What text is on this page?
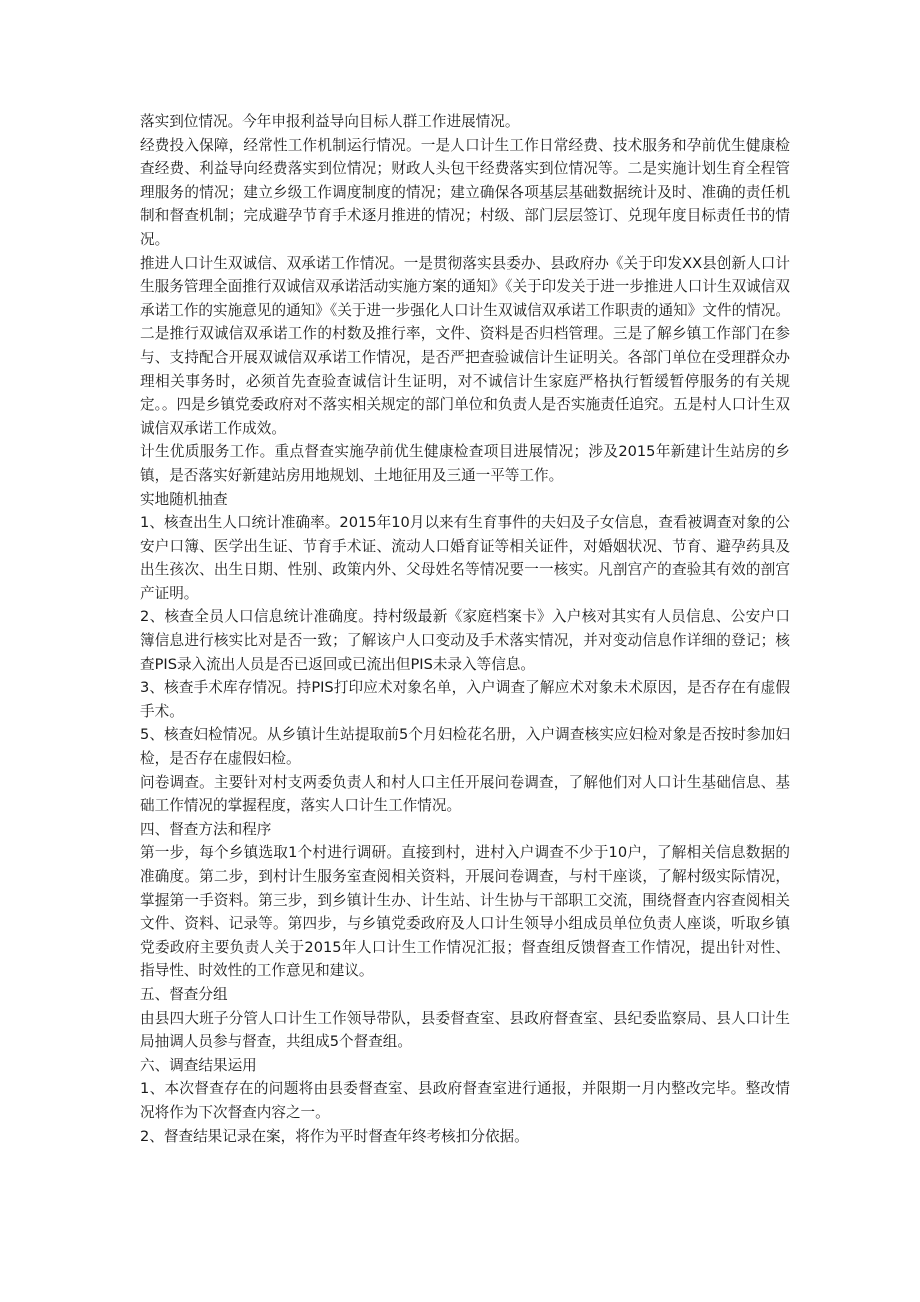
落实到位情况。今年申报利益导向目标人群工作进展情况。

经费投入保障，经常性工作机制运行情况。一是人口计生工作日常经费、技术服务和孕前优生健康检查经费、利益导向经费落实到位情况；财政人头包干经费落实到位情况等。二是实施计划生育全程管理服务的情况；建立乡级工作调度制度的情况；建立确保各项基层基础数据统计及时、准确的责任机制和督查机制；完成避孕节育手术逐月推进的情况；村级、部门层层签订、兑现年度目标责任书的情况。

推进人口计生双诚信、双承诺工作情况。一是贯彻落实县委办、县政府办《关于印发XX县创新人口计生服务管理全面推行双诚信双承诺活动实施方案的通知》《关于印发关于进一步推进人口计生双诚信双承诺工作的实施意见的通知》《关于进一步强化人口计生双诚信双承诺工作职责的通知》文件的情况。二是推行双诚信双承诺工作的村数及推行率，文件、资料是否归档管理。三是了解乡镇工作部门在参与、支持配合开展双诚信双承诺工作情况，是否严把查验诚信计生证明关。各部门单位在受理群众办理相关事务时，必须首先查验查诚信计生证明，对不诚信计生家庭严格执行暂缓暂停服务的有关规定。。四是乡镇党委政府对不落实相关规定的部门单位和负责人是否实施责任追究。五是村人口计生双诚信双承诺工作成效。

计生优质服务工作。重点督查实施孕前优生健康检查项目进展情况；涉及2015年新建计生站房的乡镇，是否落实好新建站房用地规划、土地征用及三通一平等工作。

实地随机抽查

1、核查出生人口统计准确率。2015年10月以来有生育事件的夫妇及子女信息，查看被调查对象的公安户口簿、医学出生证、节育手术证、流动人口婚育证等相关证件，对婚姻状况、节育、避孕药具及出生孩次、出生日期、性别、政策内外、父母姓名等情况要一一核实。凡剖宫产的查验其有效的剖宫产证明。

2、核查全员人口信息统计准确度。持村级最新《家庭档案卡》入户核对其实有人员信息、公安户口簿信息进行核实比对是否一致；了解该户人口变动及手术落实情况，并对变动信息作详细的登记；核查PIS录入流出人员是否已返回或已流出但PIS未录入等信息。

3、核查手术库存情况。持PIS打印应术对象名单，入户调查了解应术对象未术原因，是否存在有虚假手术。

5、核查妇检情况。从乡镇计生站提取前5个月妇检花名册，入户调查核实应妇检对象是否按时参加妇检，是否存在虚假妇检。

问卷调查。主要针对村支两委负责人和村人口主任开展问卷调查，了解他们对人口计生基础信息、基础工作情况的掌握程度，落实人口计生工作情况。

四、督查方法和程序

第一步，每个乡镇选取1个村进行调研。直接到村，进村入户调查不少于10户，了解相关信息数据的准确度。第二步，到村计生服务室查阅相关资料，开展问卷调查，与村干座谈，了解村级实际情况，掌握第一手资料。第三步，到乡镇计生办、计生站、计生协与干部职工交流，围绕督查内容查阅相关文件、资料、记录等。第四步，与乡镇党委政府及人口计生领导小组成员单位负责人座谈，听取乡镇党委政府主要负责人关于2015年人口计生工作情况汇报；督查组反馈督查工作情况，提出针对性、指导性、时效性的工作意见和建议。

五、督查分组

由县四大班子分管人口计生工作领导带队，县委督查室、县政府督查室、县纪委监察局、县人口计生局抽调人员参与督查，共组成5个督查组。

六、调查结果运用

1、本次督查存在的问题将由县委督查室、县政府督查室进行通报，并限期一月内整改完毕。整改情况将作为下次督查内容之一。

2、督查结果记录在案，将作为平时督查年终考核扣分依据。
